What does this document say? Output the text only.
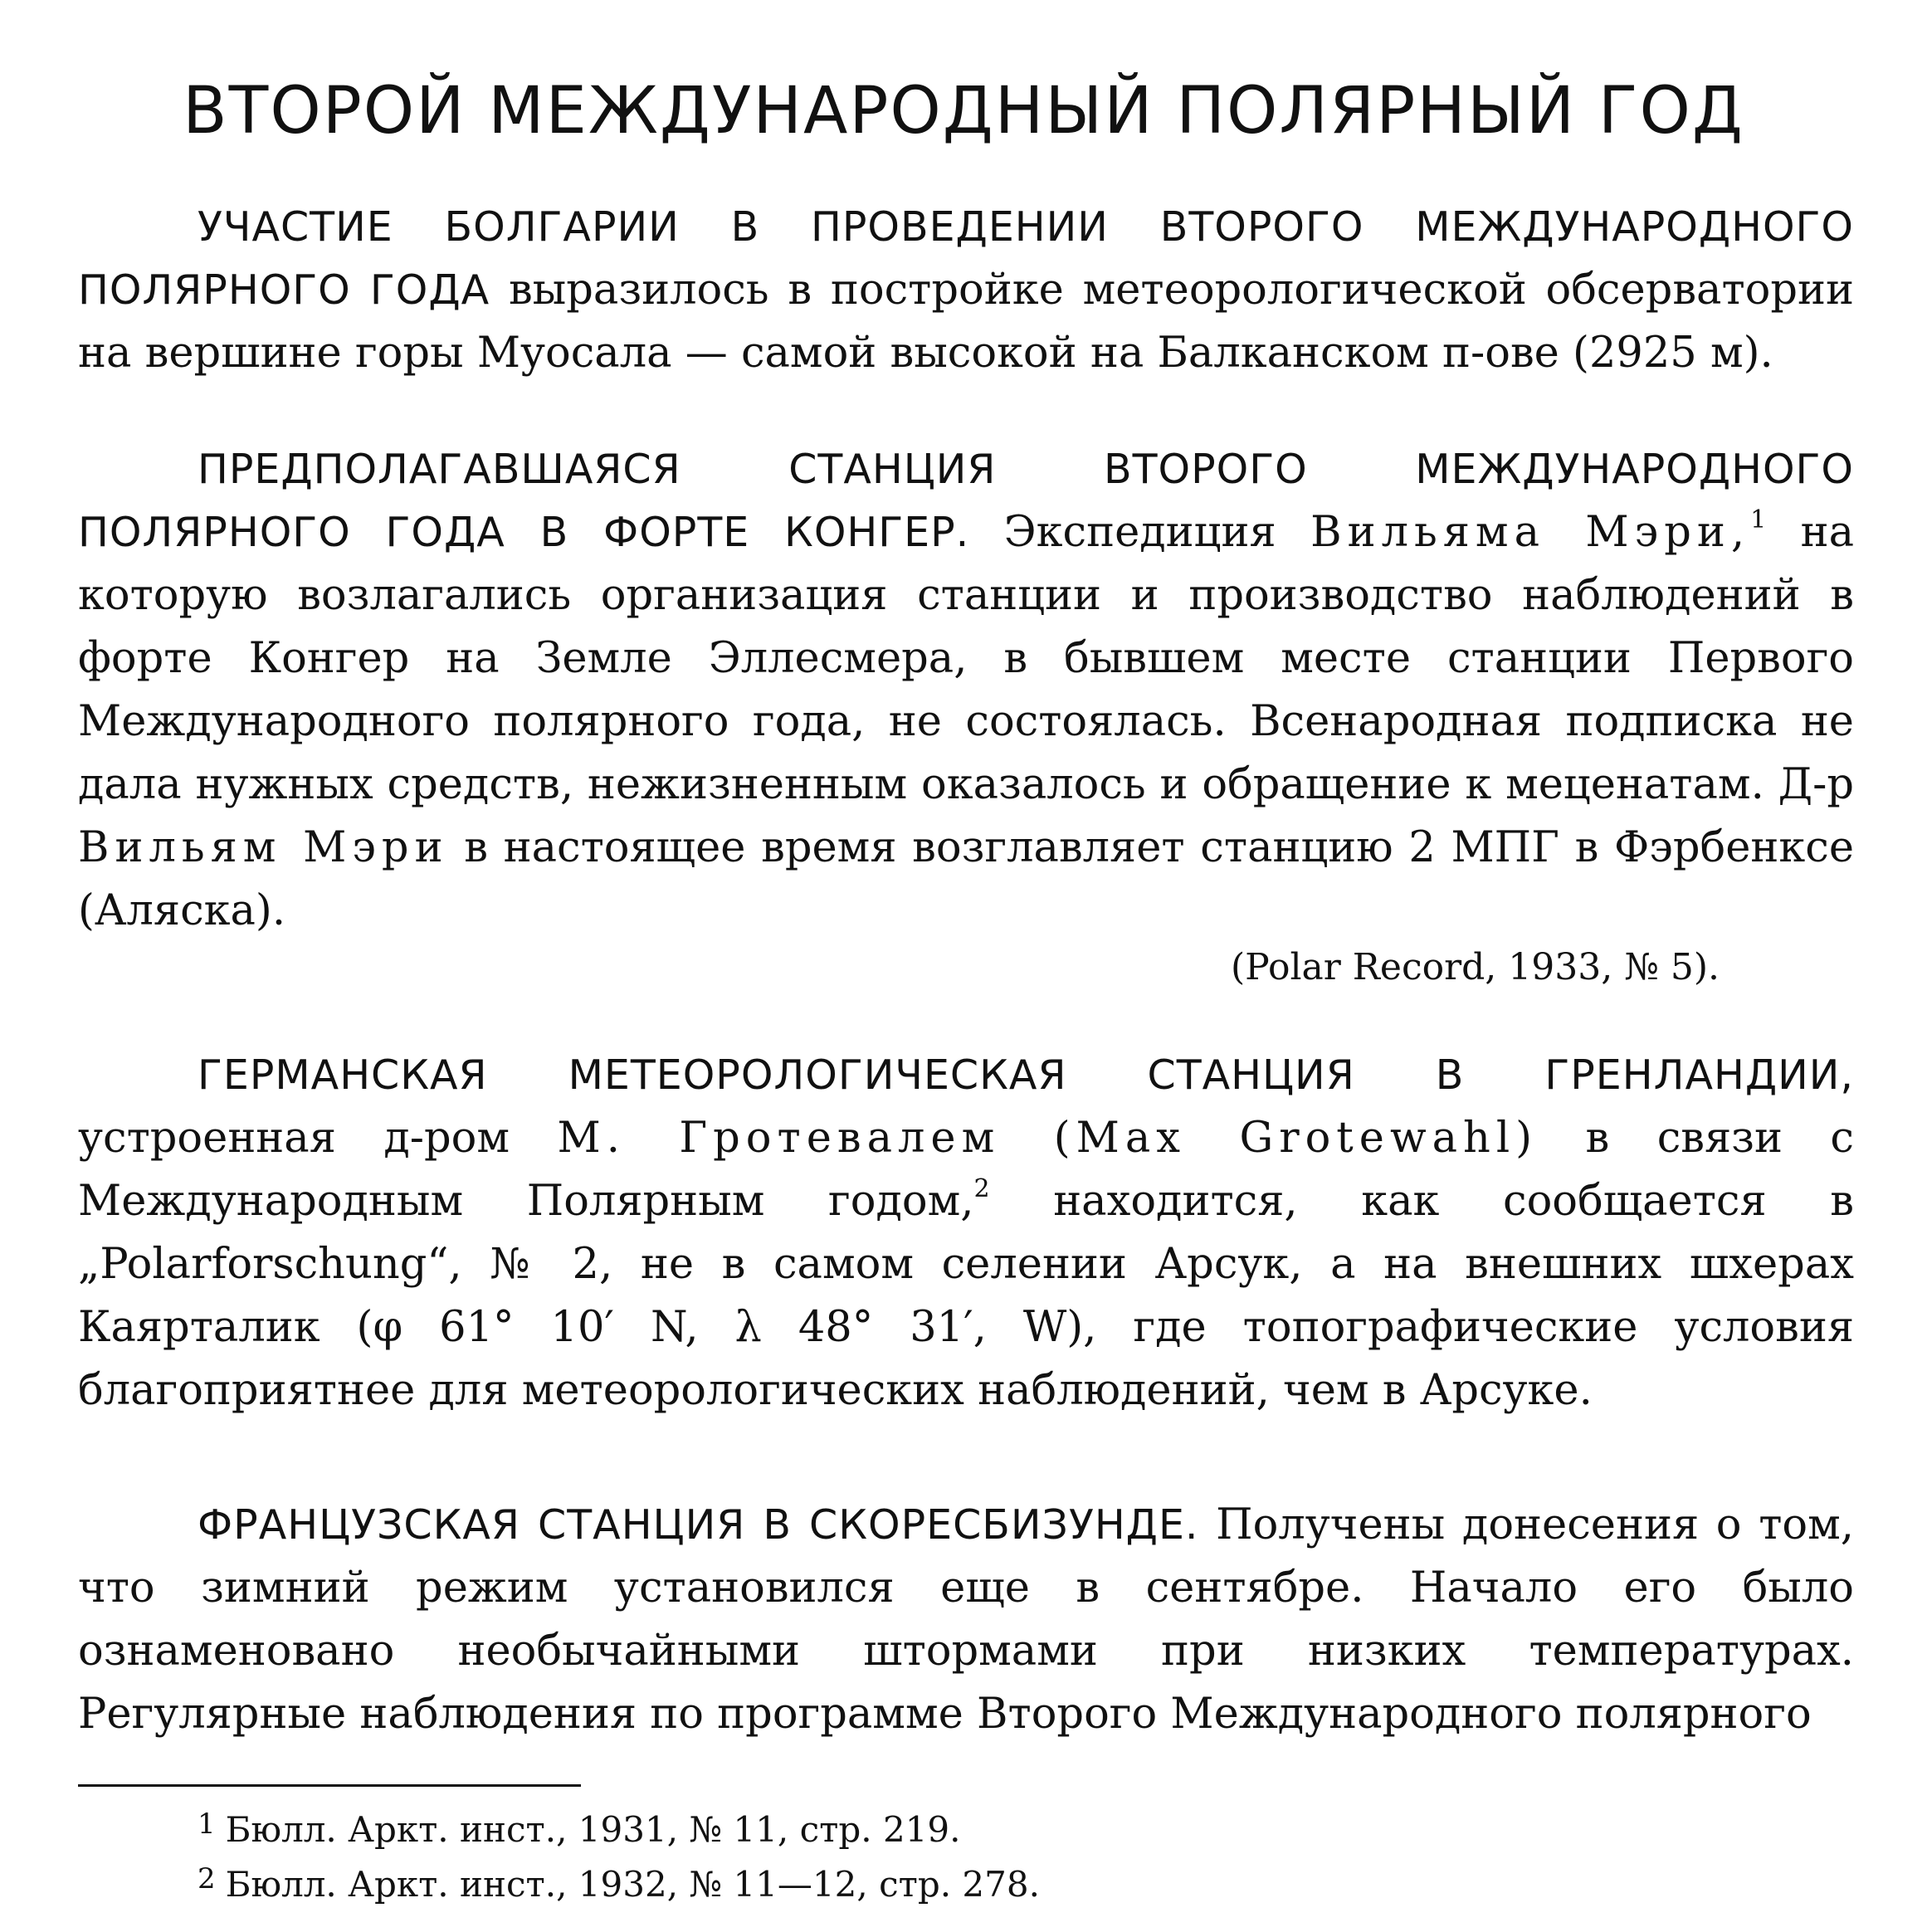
ВТОРОЙ МЕЖДУНАРОДНЫЙ ПОЛЯРНЫЙ ГОД

УЧАСТИЕ БОЛГАРИИ В ПРОВЕДЕНИИ ВТОРОГО МЕЖДУНАРОДНОГО ПОЛЯРНОГО ГОДА выразилось в постройке метеорологической обсерватории на вершине горы Муосала — самой высокой на Балканском п-ове (2925 м).

ПРЕДПОЛАГАВШАЯСЯ СТАНЦИЯ ВТОРОГО МЕЖДУНАРОДНОГО ПОЛЯРНОГО ГОДА В ФОРТЕ КОНГЕР. Экспедиция Вильяма Мэри,$^1$ на которую возлагались организация станции и производство наблюдений в форте Конгер на Земле Эллесмера, в бывшем месте станции Первого Международного полярного года, не состоялась. Всенародная подписка не дала нужных средств, нежизненным оказалось и обращение к меценатам. Д-р Вильям Мэри в настоящее время возглавляет станцию 2 МПГ в Фэрбенксе (Аляска).

(Polar Record, 1933, № 5).

ГЕРМАНСКАЯ МЕТЕОРОЛОГИЧЕСКАЯ СТАНЦИЯ В ГРЕНЛАНДИИ, устроенная д-ром М. Гротевалем (Max Grotewahl) в связи с Международным Полярным годом,$^2$ находится, как сообщается в „Polarforschung“, № 2, не в самом селении Арсук, а на внешних шхерах Каярталик (φ 61° 10′ N, λ 48° 31′, W), где топографические условия благоприятнее для метеорологических наблюдений, чем в Арсуке.

ФРАНЦУЗСКАЯ СТАНЦИЯ В СКОРЕСБИЗУНДЕ. Получены донесения о том, что зимний режим установился еще в сентябре. Начало его было ознаменовано необычайными штормами при низких температурах. Регулярные наблюдения по программе Второго Международного полярного

$^1$ Бюлл. Аркт. инст., 1931, № 11, стр. 219.

$^2$ Бюлл. Аркт. инст., 1932, № 11—12, стр. 278.
